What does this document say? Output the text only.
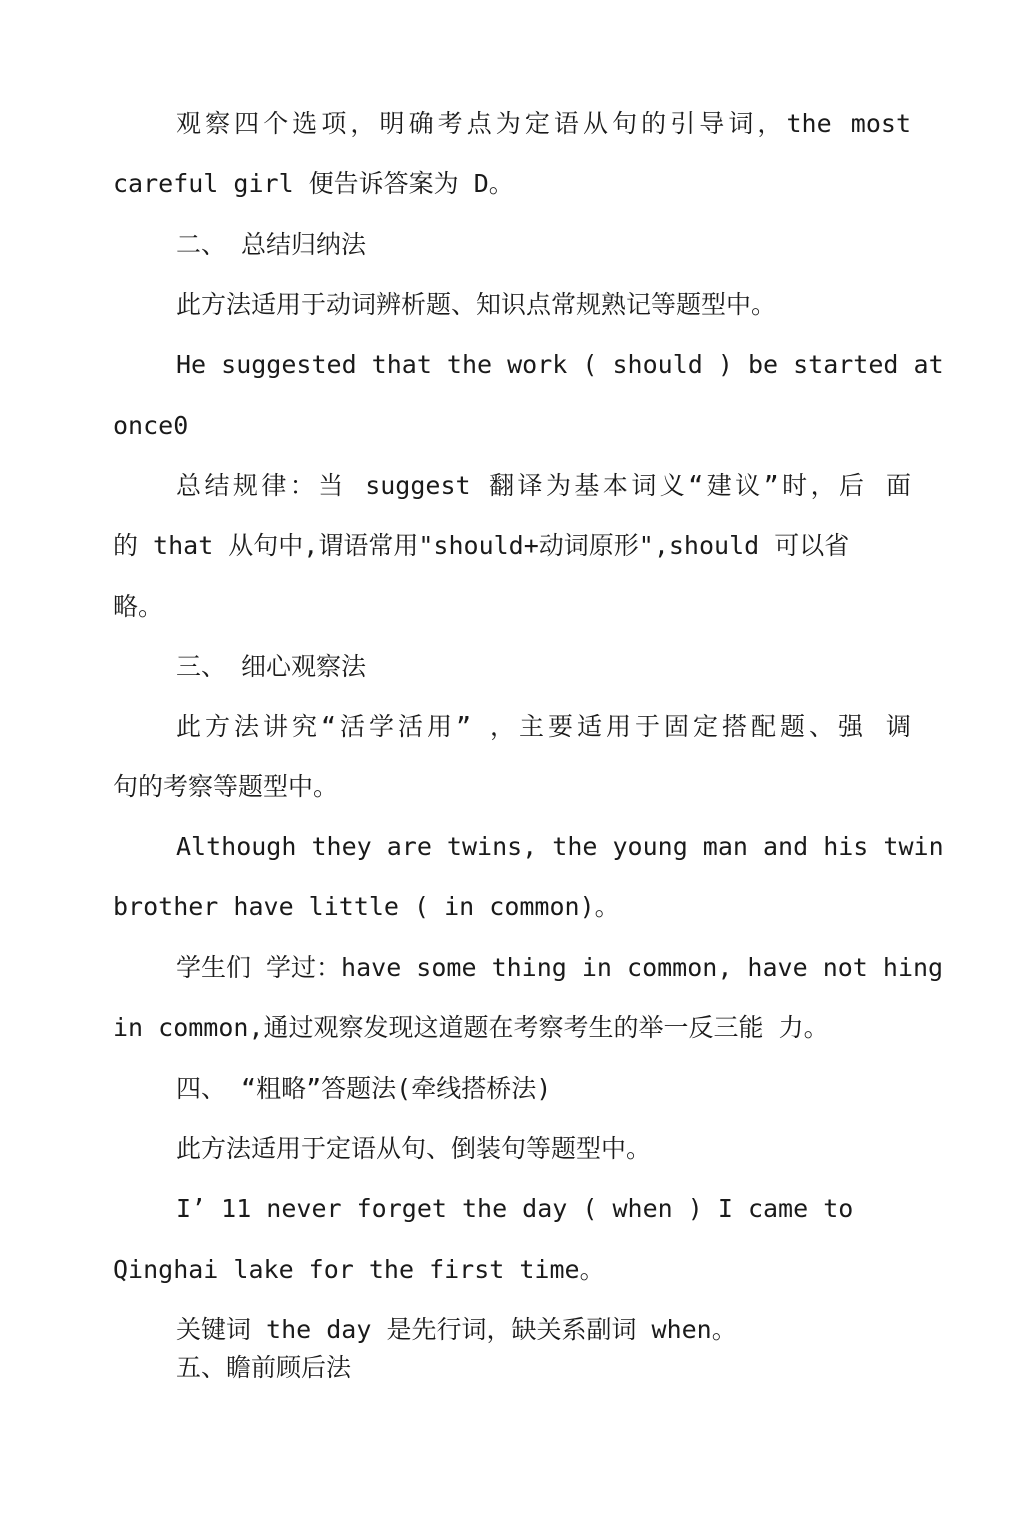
观察四个选项，明确考点为定语从句的引导词，the most
careful girl 便告诉答案为 D。
二、 总结归纳法
此方法适用于动词辨析题、知识点常规熟记等题型中。
He suggested that the work ( should ) be started at
once0
总结规律：当 suggest 翻译为基本词义“建议”时，后 面
的 that 从句中,谓语常用"should+动词原形",should 可以省
略。
三、 细心观察法
此方法讲究“活学活用” ，主要适用于固定搭配题、强 调
句的考察等题型中。
Although they are twins, the young man and his twin
brother have little ( in common)。
学生们 学过：have some thing in common, have not hing
in common,通过观察发现这道题在考察考生的举一反三能 力。
四、 “粗略”答题法(牵线搭桥法)
此方法适用于定语从句、倒装句等题型中。
I’ 11 never forget the day ( when ) I came to
Qinghai lake for the first time。
关键词 the day 是先行词，缺关系副词 when。
五、瞻前顾后法
